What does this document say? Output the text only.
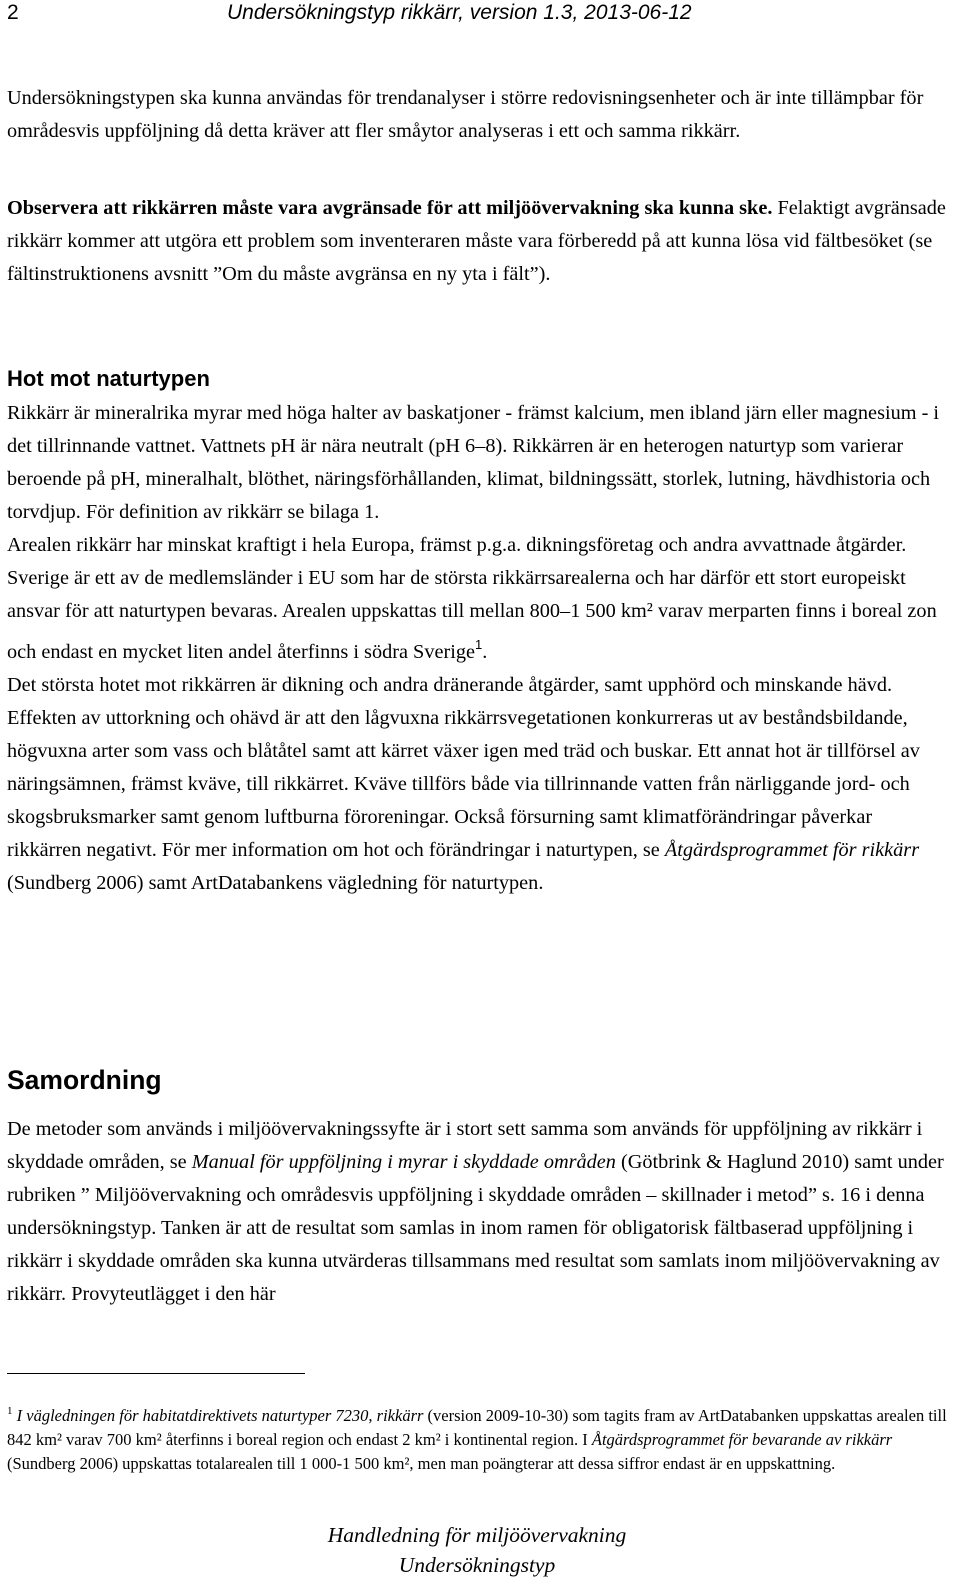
2	Undersökningstyp rikkärr, version 1.3, 2013-06-12

Undersökningstypen ska kunna användas för trendanalyser i större redovisningsenheter och är inte tillämpbar för områdesvis uppföljning då detta kräver att fler småytor analyseras i ett och samma rikkärr.

Observera att rikkärren måste vara avgränsade för att miljöövervakning ska kunna ske. Felaktigt avgränsade rikkärr kommer att utgöra ett problem som inventeraren måste vara förberedd på att kunna lösa vid fältbesöket (se fältinstruktionens avsnitt ”Om du måste avgränsa en ny yta i fält”).

Hot mot naturtypen

Rikkärr är mineralrika myrar med höga halter av baskatjoner - främst kalcium, men ibland järn eller magnesium - i det tillrinnande vattnet. Vattnets pH är nära neutralt (pH 6–8). Rikkärren är en heterogen naturtyp som varierar beroende på pH, mineralhalt, blöthet, näringsförhållanden, klimat, bildningssätt, storlek, lutning, hävdhistoria och torvdjup. För definition av rikkärr se bilaga 1.

Arealen rikkärr har minskat kraftigt i hela Europa, främst p.g.a. dikningsföretag och andra avvattnade åtgärder. Sverige är ett av de medlemsländer i EU som har de största rikkärrsarealerna och har därför ett stort europeiskt ansvar för att naturtypen bevaras. Arealen uppskattas till mellan 800–1 500 km² varav merparten finns i boreal zon och endast en mycket liten andel återfinns i södra Sverige$^1$.

Det största hotet mot rikkärren är dikning och andra dränerande åtgärder, samt upphörd och minskande hävd. Effekten av uttorkning och ohävd är att den lågvuxna rikkärrsvegetationen konkurreras ut av beståndsbildande, högvuxna arter som vass och blåtåtel samt att kärret växer igen med träd och buskar. Ett annat hot är tillförsel av näringsämnen, främst kväve, till rikkärret. Kväve tillförs både via tillrinnande vatten från närliggande jord- och skogsbruksmarker samt genom luftburna föroreningar. Också försurning samt klimatförändringar påverkar rikkärren negativt. För mer information om hot och förändringar i naturtypen, se Åtgärdsprogrammet för rikkärr (Sundberg 2006) samt ArtDatabankens vägledning för naturtypen.

Samordning

De metoder som används i miljöövervakningssyfte är i stort sett samma som används för uppföljning av rikkärr i skyddade områden, se Manual för uppföljning i myrar i skyddade områden (Götbrink & Haglund 2010) samt under rubriken ” Miljöövervakning och områdesvis uppföljning i skyddade områden – skillnader i metod” s. 16 i denna undersökningstyp. Tanken är att de resultat som samlas in inom ramen för obligatorisk fältbaserad uppföljning i rikkärr i skyddade områden ska kunna utvärderas tillsammans med resultat som samlats inom miljöövervakning av rikkärr. Provyteutlägget i den här

$^1$ I vägledningen för habitatdirektivets naturtyper 7230, rikkärr (version 2009-10-30) som tagits fram av ArtDatabanken uppskattas arealen till 842 km² varav 700 km² återfinns i boreal region och endast 2 km² i kontinental region. I Åtgärdsprogrammet för bevarande av rikkärr (Sundberg 2006) uppskattas totalarealen till 1 000-1 500 km², men man poängterar att dessa siffror endast är en uppskattning.

Handledning för miljöövervakning
Undersökningstyp
